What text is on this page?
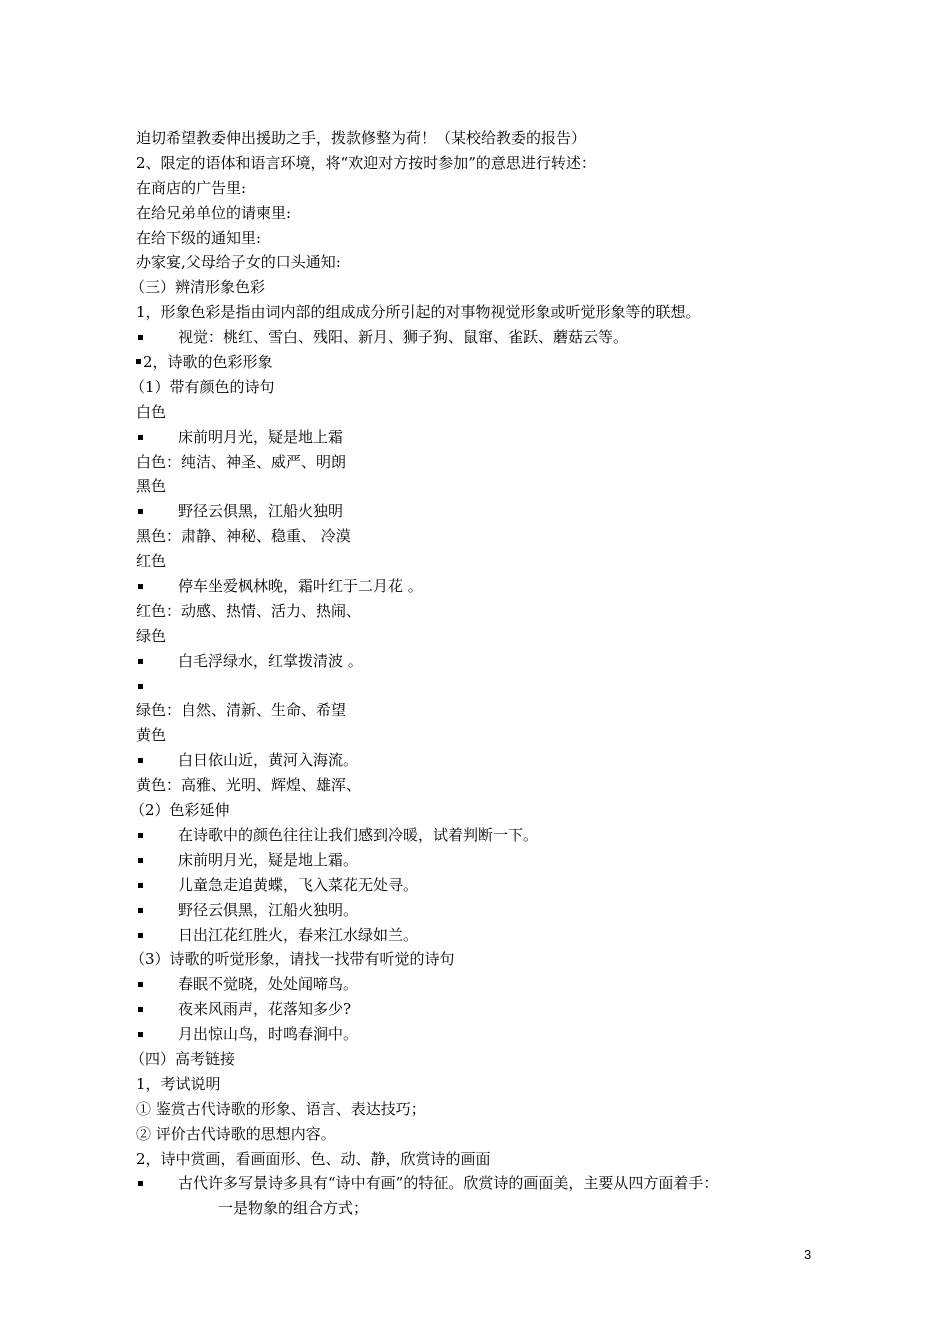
迫切希望教委伸出援助之手，拨款修整为荷！（某校给教委的报告）
2、限定的语体和语言环境，将“欢迎对方按时参加”的意思进行转述：
在商店的广告里:
在给兄弟单位的请柬里:
在给下级的通知里:
办家宴,父母给子女的口头通知:
（三）辨清形象色彩
1，形象色彩是指由词内部的组成成分所引起的对事物视觉形象或听觉形象等的联想。
视觉：桃红、雪白、残阳、新月、狮子狗、鼠窜、雀跃、蘑菇云等。
2，诗歌的色彩形象
（1）带有颜色的诗句
白色
床前明月光，疑是地上霜
白色：纯洁、神圣、威严、明朗
黑色
野径云俱黑，江船火独明
黑色：肃静、神秘、稳重、 冷漠
红色
停车坐爱枫林晚，霜叶红于二月花 。
红色：动感、热情、活力、热闹、
绿色
白毛浮绿水，红掌拨清波 。
绿色：自然、清新、生命、希望
黄色
白日依山近，黄河入海流。
黄色：高雅、光明、辉煌、雄浑、
（2）色彩延伸
在诗歌中的颜色往往让我们感到冷暖，试着判断一下。
床前明月光，疑是地上霜。
儿童急走追黄蝶，飞入菜花无处寻。
野径云俱黑，江船火独明。
日出江花红胜火，春来江水绿如兰。
（3）诗歌的听觉形象，请找一找带有听觉的诗句
春眠不觉晓，处处闻啼鸟。
夜来风雨声，花落知多少?
月出惊山鸟，时鸣春涧中。
（四）高考链接
1，考试说明
① 鉴赏古代诗歌的形象、语言、表达技巧；
② 评价古代诗歌的思想内容。
2，诗中赏画，看画面形、色、动、静，欣赏诗的画面
古代许多写景诗多具有“诗中有画”的特征。欣赏诗的画面美，主要从四方面着手：
一是物象的组合方式；
3
